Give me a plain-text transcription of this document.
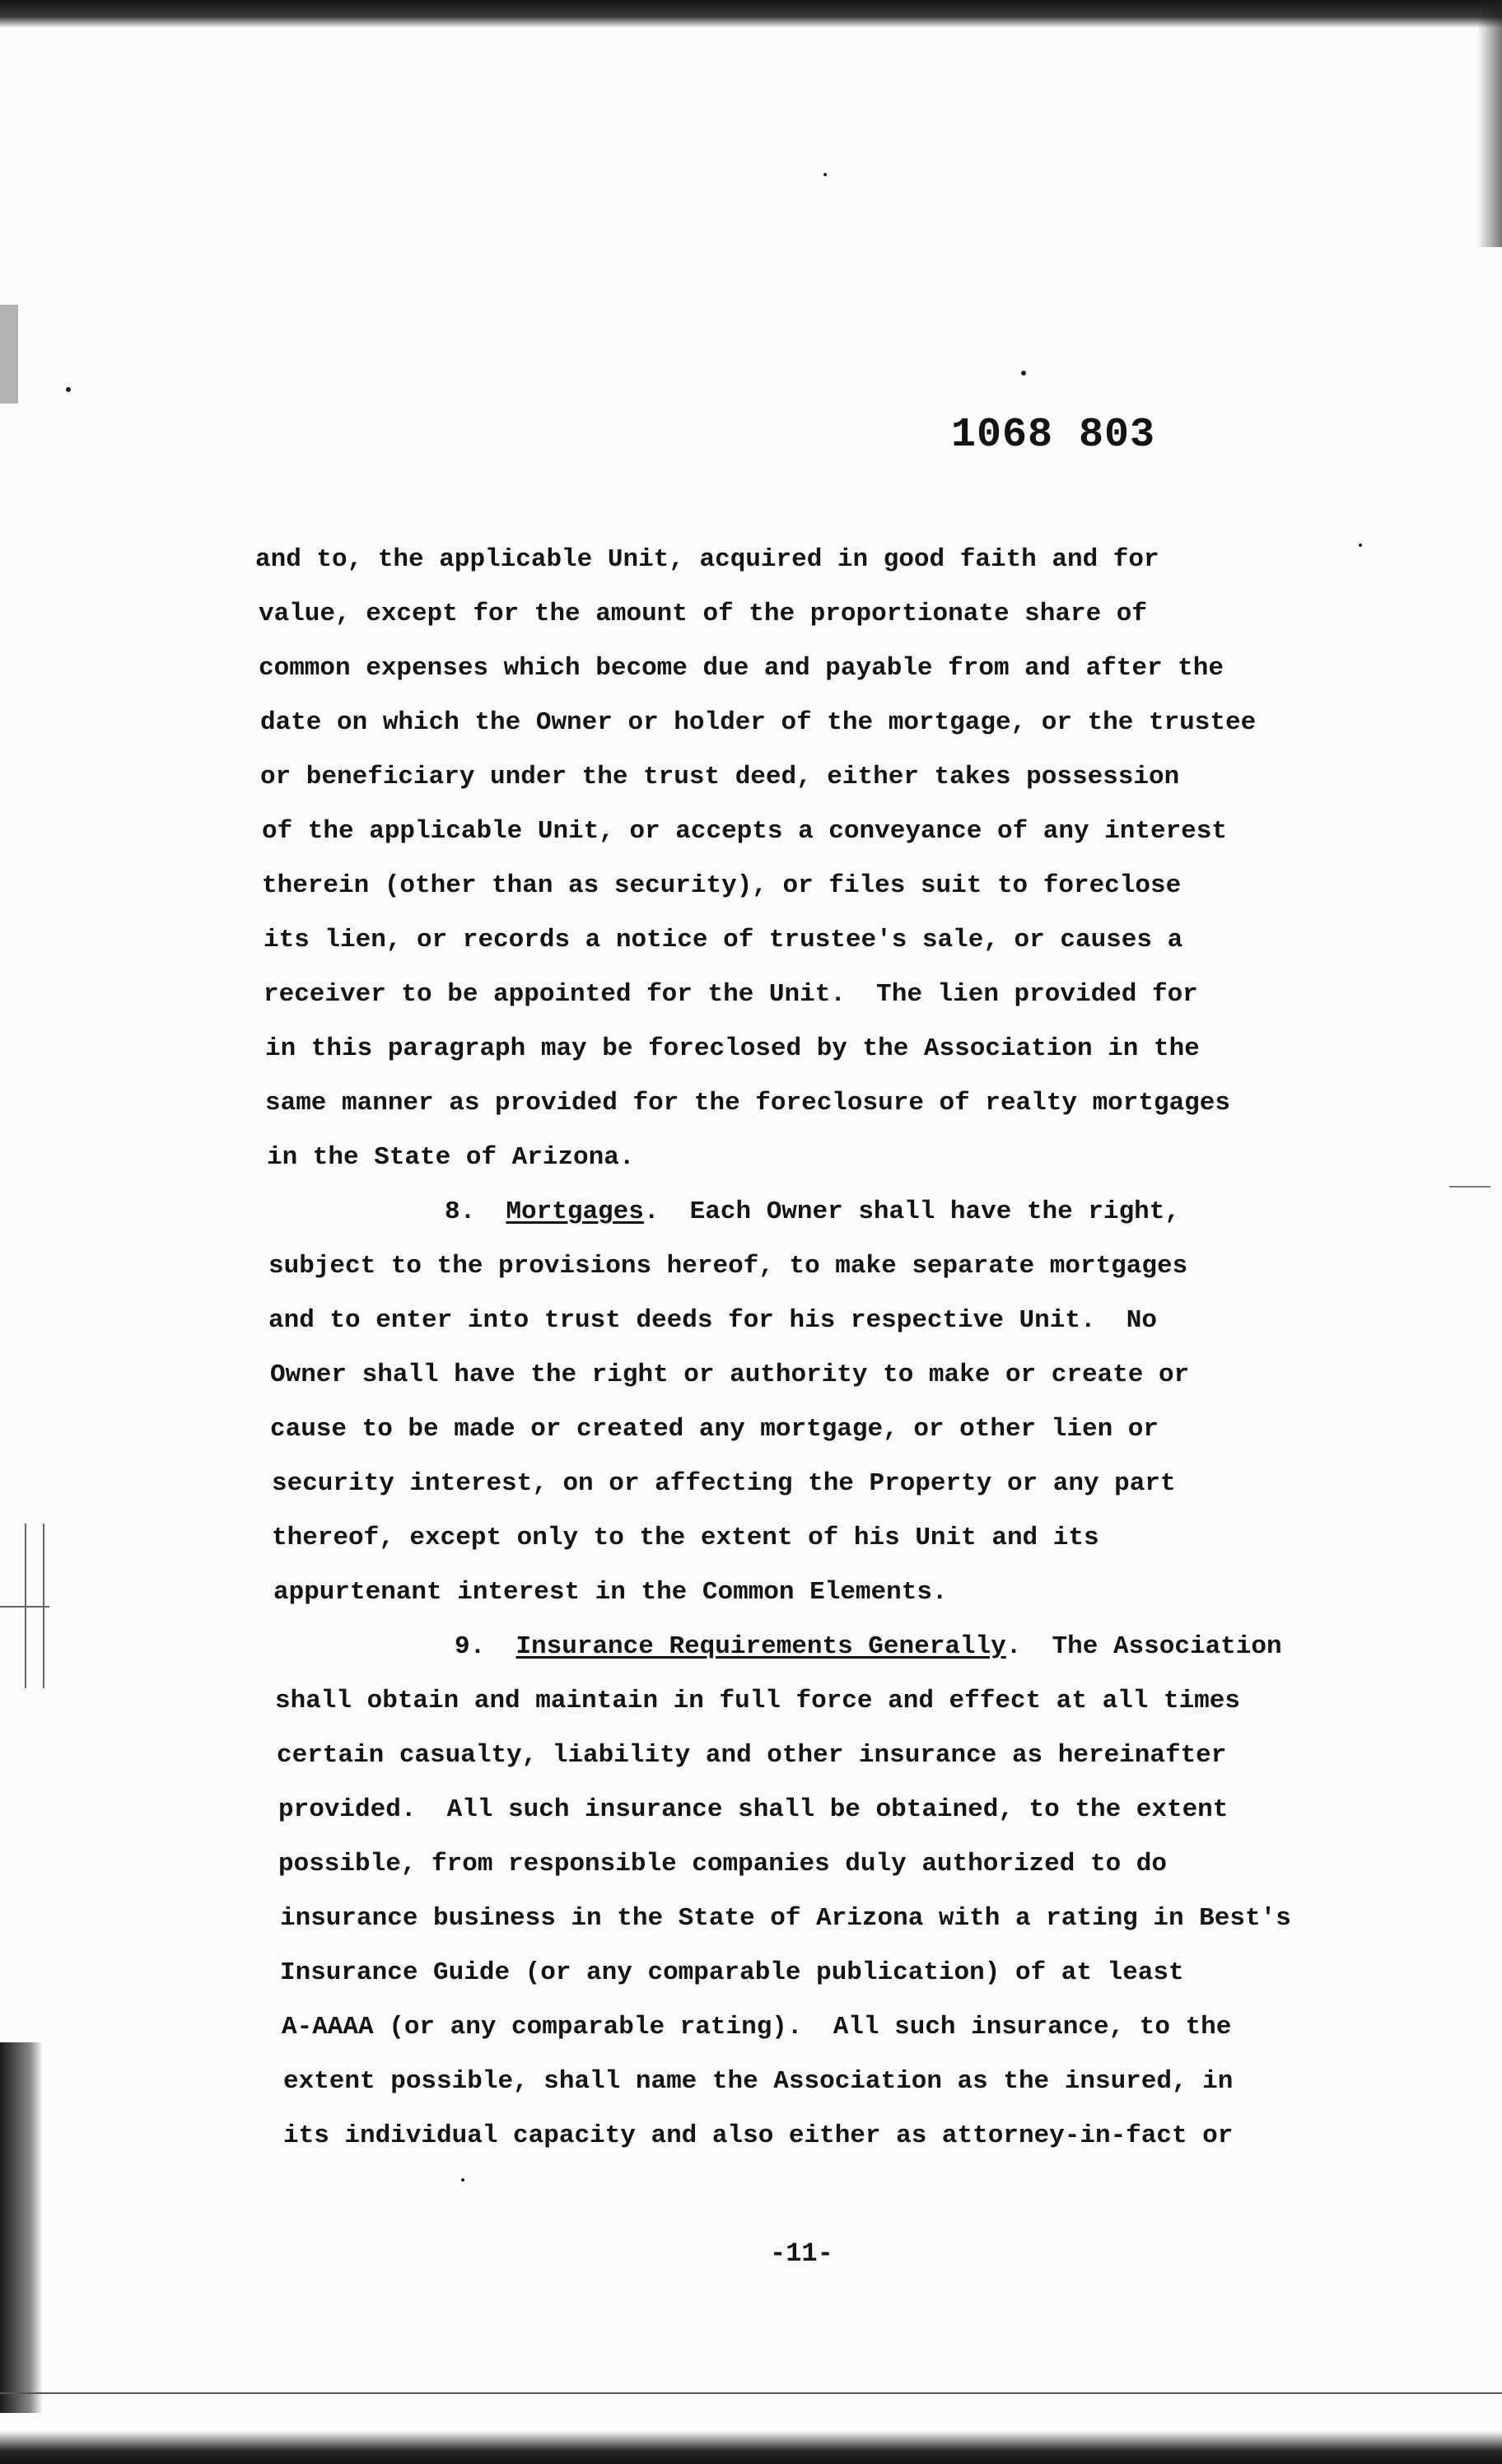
1068 803
and to, the applicable Unit, acquired in good faith and for
value, except for the amount of the proportionate share of
common expenses which become due and payable from and after the
date on which the Owner or holder of the mortgage, or the trustee
or beneficiary under the trust deed, either takes possession
of the applicable Unit, or accepts a conveyance of any interest
therein (other than as security), or files suit to foreclose
its lien, or records a notice of trustee's sale, or causes a
receiver to be appointed for the Unit.  The lien provided for
in this paragraph may be foreclosed by the Association in the
same manner as provided for the foreclosure of realty mortgages
in the State of Arizona.
8. Mortgages.  Each Owner shall have the right,
subject to the provisions hereof, to make separate mortgages
and to enter into trust deeds for his respective Unit.  No
Owner shall have the right or authority to make or create or
cause to be made or created any mortgage, or other lien or
security interest, on or affecting the Property or any part
thereof, except only to the extent of his Unit and its
appurtenant interest in the Common Elements.
9. Insurance Requirements Generally.  The Association
shall obtain and maintain in full force and effect at all times
certain casualty, liability and other insurance as hereinafter
provided.  All such insurance shall be obtained, to the extent
possible, from responsible companies duly authorized to do
insurance business in the State of Arizona with a rating in Best's
Insurance Guide (or any comparable publication) of at least
A-AAAA (or any comparable rating).  All such insurance, to the
extent possible, shall name the Association as the insured, in
its individual capacity and also either as attorney-in-fact or
-11-
